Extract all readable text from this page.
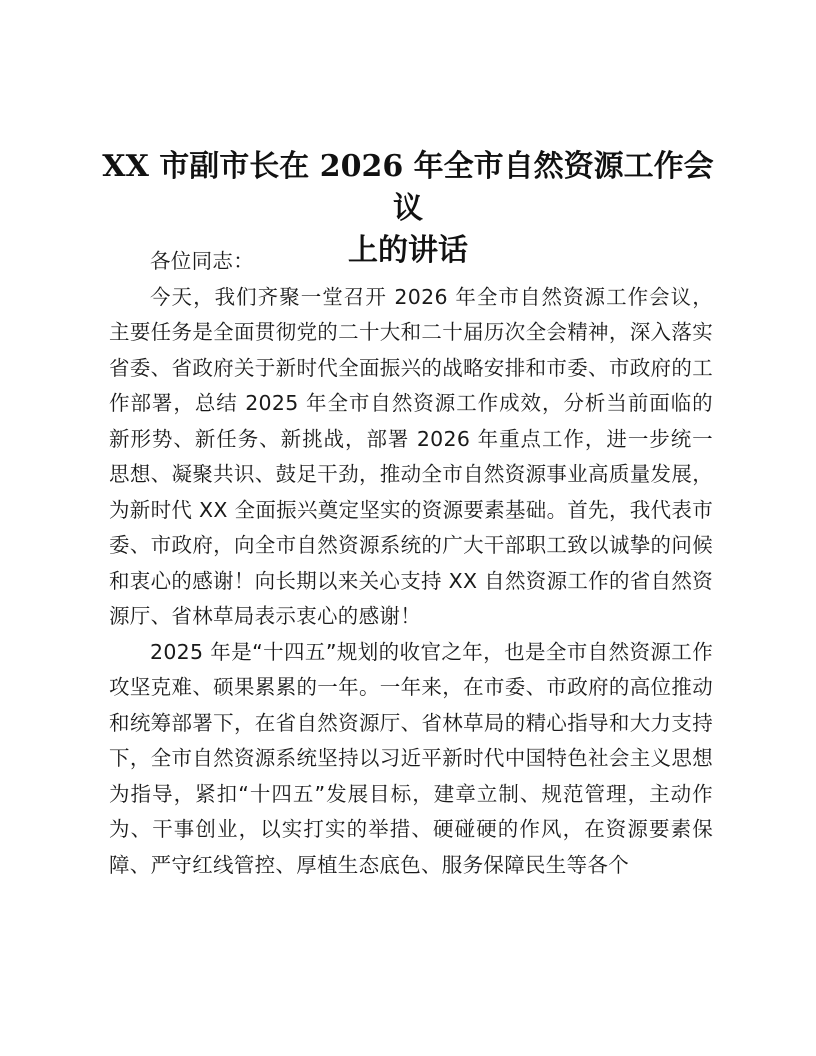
XX 市副市长在 2026 年全市自然资源工作会议
上的讲话

各位同志：

今天，我们齐聚一堂召开 2026 年全市自然资源工作会议，主要任务是全面贯彻党的二十大和二十届历次全会精神，深入落实省委、省政府关于新时代全面振兴的战略安排和市委、市政府的工作部署，总结 2025 年全市自然资源工作成效，分析当前面临的新形势、新任务、新挑战，部署 2026 年重点工作，进一步统一思想、凝聚共识、鼓足干劲，推动全市自然资源事业高质量发展，为新时代 XX 全面振兴奠定坚实的资源要素基础。首先，我代表市委、市政府，向全市自然资源系统的广大干部职工致以诚挚的问候和衷心的感谢！向长期以来关心支持 XX 自然资源工作的省自然资源厅、省林草局表示衷心的感谢！

2025 年是“十四五”规划的收官之年，也是全市自然资源工作攻坚克难、硕果累累的一年。一年来，在市委、市政府的高位推动和统筹部署下，在省自然资源厅、省林草局的精心指导和大力支持下，全市自然资源系统坚持以习近平新时代中国特色社会主义思想为指导，紧扣“十四五”发展目标，建章立制、规范管理，主动作为、干事创业，以实打实的举措、硬碰硬的作风，在资源要素保障、严守红线管控、厚植生态底色、服务保障民生等各个
